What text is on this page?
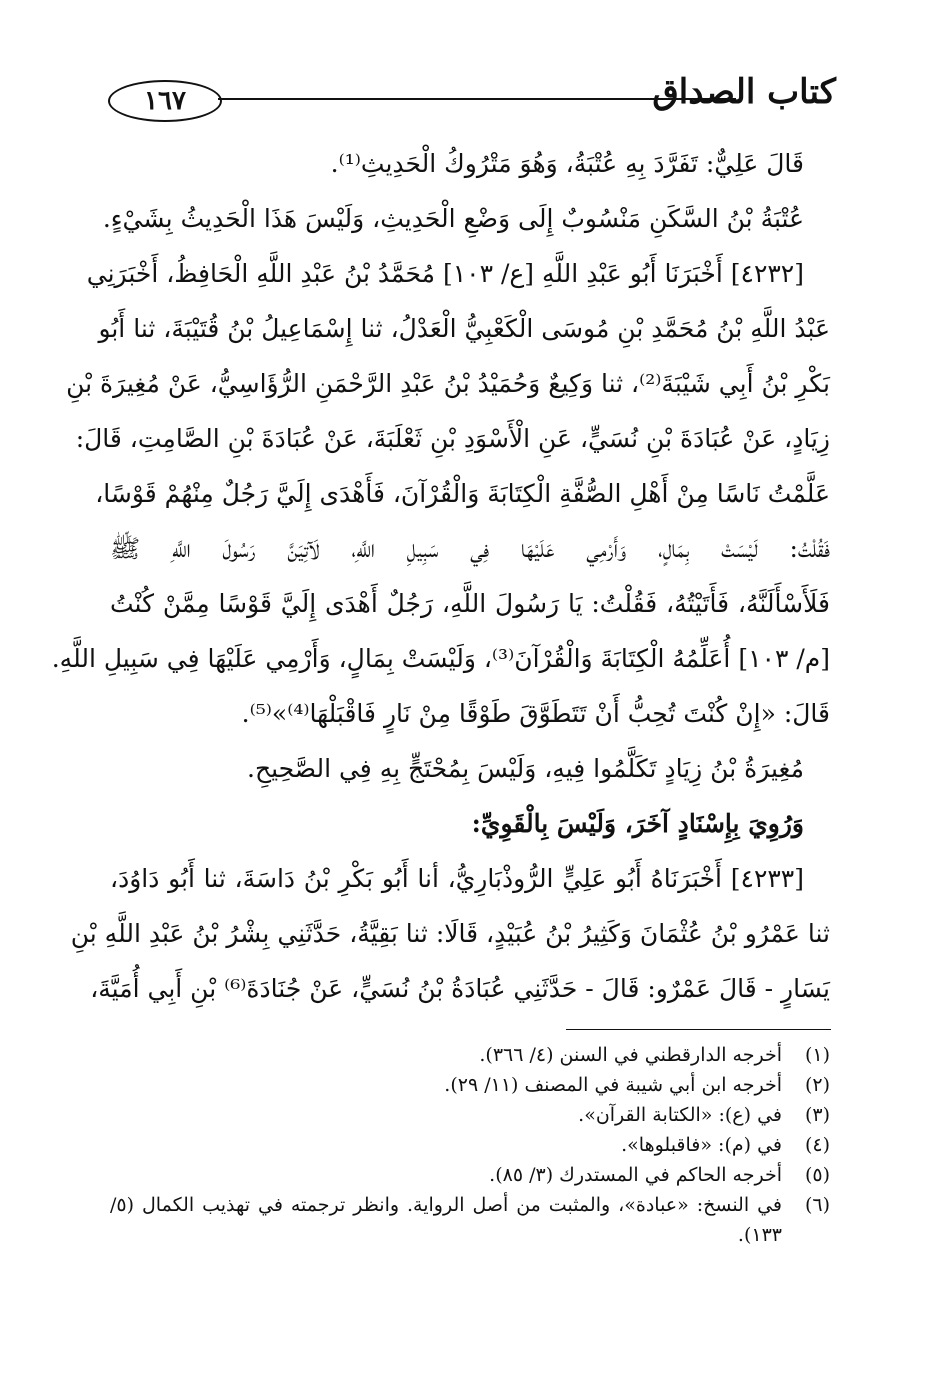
١٦٧	كتاب الصداق
قَالَ عَلِيٌّ: تَفَرَّدَ بِهِ عُتْبَةُ، وَهُوَ مَتْرُوكُ الْحَدِيثِ⁽¹⁾.
عُتْبَةُ بْنُ السَّكَنِ مَنْسُوبٌ إِلَى وَضْعِ الْحَدِيثِ، وَلَيْسَ هَذَا الْحَدِيثُ بِشَيْءٍ.
[٤٢٣٢] أَخْبَرَنَا أَبُو عَبْدِ اللَّهِ [ع/ ١٠٣] مُحَمَّدُ بْنُ عَبْدِ اللَّهِ الْحَافِظُ، أَخْبَرَنِي
عَبْدُ اللَّهِ بْنُ مُحَمَّدِ بْنِ مُوسَى الْكَعْبِيُّ الْعَدْلُ، ثنا إِسْمَاعِيلُ بْنُ قُتَيْبَةَ، ثنا أَبُو
بَكْرِ بْنُ أَبِي شَيْبَةَ⁽²⁾، ثنا وَكِيعٌ وَحُمَيْدُ بْنُ عَبْدِ الرَّحْمَنِ الرُّؤَاسِيُّ، عَنْ مُغِيرَةَ بْنِ
زِيَادٍ، عَنْ عُبَادَةَ بْنِ نُسَيٍّ، عَنِ الْأَسْوَدِ بْنِ ثَعْلَبَةَ، عَنْ عُبَادَةَ بْنِ الصَّامِتِ، قَالَ:
عَلَّمْتُ نَاسًا مِنْ أَهْلِ الصُّفَّةِ الْكِتَابَةَ وَالْقُرْآنَ، فَأَهْدَى إِلَيَّ رَجُلٌ مِنْهُمْ قَوْسًا،
فَقُلْتُ: لَيْسَتْ بِمَالٍ، وَأَرْمِي عَلَيْهَا فِي سَبِيلِ اللَّهِ، لَآتِيَنَّ رَسُولَ اللَّهِ ﷺ
فَلَأَسْأَلَنَّهُ، فَأَتَيْتُهُ، فَقُلْتُ: يَا رَسُولَ اللَّهِ، رَجُلٌ أَهْدَى إِلَيَّ قَوْسًا مِمَّنْ كُنْتُ
[م/ ١٠٣] أُعَلِّمُهُ الْكِتَابَةَ وَالْقُرْآنَ⁽³⁾، وَلَيْسَتْ بِمَالٍ، وَأَرْمِي عَلَيْهَا فِي سَبِيلِ اللَّهِ.
قَالَ: «إِنْ كُنْتَ تُحِبُّ أَنْ تَتَطَوَّقَ طَوْقًا مِنْ نَارٍ فَاقْبَلْهَا⁽⁴⁾»⁽⁵⁾.
مُغِيرَةُ بْنُ زِيَادٍ تَكَلَّمُوا فِيهِ، وَلَيْسَ بِمُحْتَجٍّ بِهِ فِي الصَّحِيحِ.
وَرُوِيَ بِإِسْنَادٍ آخَرَ، وَلَيْسَ بِالْقَوِيِّ:
[٤٢٣٣] أَخْبَرَنَاهُ أَبُو عَلِيٍّ الرُّوذْبَارِيُّ، أنا أَبُو بَكْرِ بْنُ دَاسَةَ، ثنا أَبُو دَاوُدَ،
ثنا عَمْرُو بْنُ عُثْمَانَ وَكَثِيرُ بْنُ عُبَيْدٍ، قَالَا: ثنا بَقِيَّةُ، حَدَّثَنِي بِشْرُ بْنُ عَبْدِ اللَّهِ بْنِ
يَسَارٍ - قَالَ عَمْرٌو: قَالَ - حَدَّثَنِي عُبَادَةُ بْنُ نُسَيٍّ، عَنْ جُنَادَةَ⁽⁶⁾ بْنِ أَبِي أُمَيَّةَ،
(١)
أخرجه الدارقطني في السنن (٤/ ٣٦٦).
(٢)
أخرجه ابن أبي شيبة في المصنف (١١/ ٢٩).
(٣)
في (ع): «الكتابة القرآن».
(٤)
في (م): «فاقبلوها».
(٥)
أخرجه الحاكم في المستدرك (٣/ ٨٥).
(٦)
في النسخ: «عبادة»، والمثبت من أصل الرواية. وانظر ترجمته في تهذيب الكمال (٥/ ١٣٣).
